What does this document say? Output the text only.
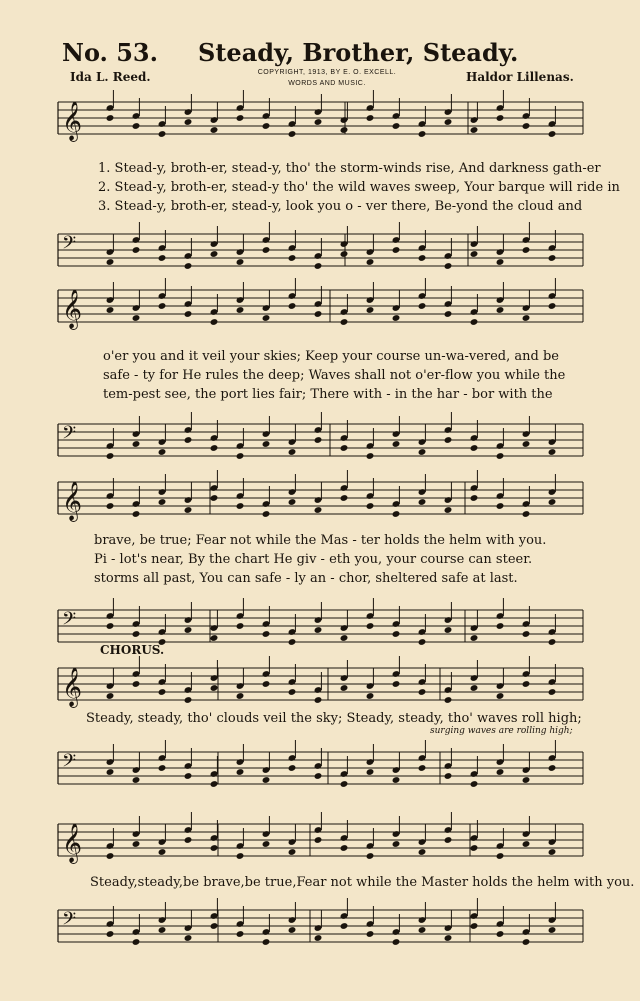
No. 53. Steady, Brother, Steady.
Ida L. Reed.	COPYRIGHT, 1913, BY E. O. EXCELL.
WORDS AND MUSIC.	Haldor Lillenas.
𝄞
1. Stead-y, broth-er, stead-y, tho' the storm-winds rise, And darkness gath-er
2. Stead-y, broth-er, stead-y tho' the wild waves sweep, Your barque will ride in
3. Stead-y, broth-er, stead-y, look you o - ver there, Be-yond the cloud and
𝄢
𝄞
o'er you and it veil your skies; Keep your course un-wa-vered, and be
safe - ty for He rules the deep; Waves shall not o'er-flow you while the
tem-pest see, the port lies fair; There with - in the har - bor with the
𝄢
𝄞
brave, be true; Fear not while the Mas - ter holds the helm with you.
Pi - lot's near, By the chart He giv - eth you, your course can steer.
storms all past, You can safe - ly an - chor, sheltered safe at last.
𝄢
CHORUS.
𝄞
Steady, steady, tho' clouds veil the sky; Steady, steady, tho' waves roll high;
surging waves are rolling high;
𝄢
𝄞
Steady,steady,be brave,be true,Fear not while the Master holds the helm with you.
𝄢
